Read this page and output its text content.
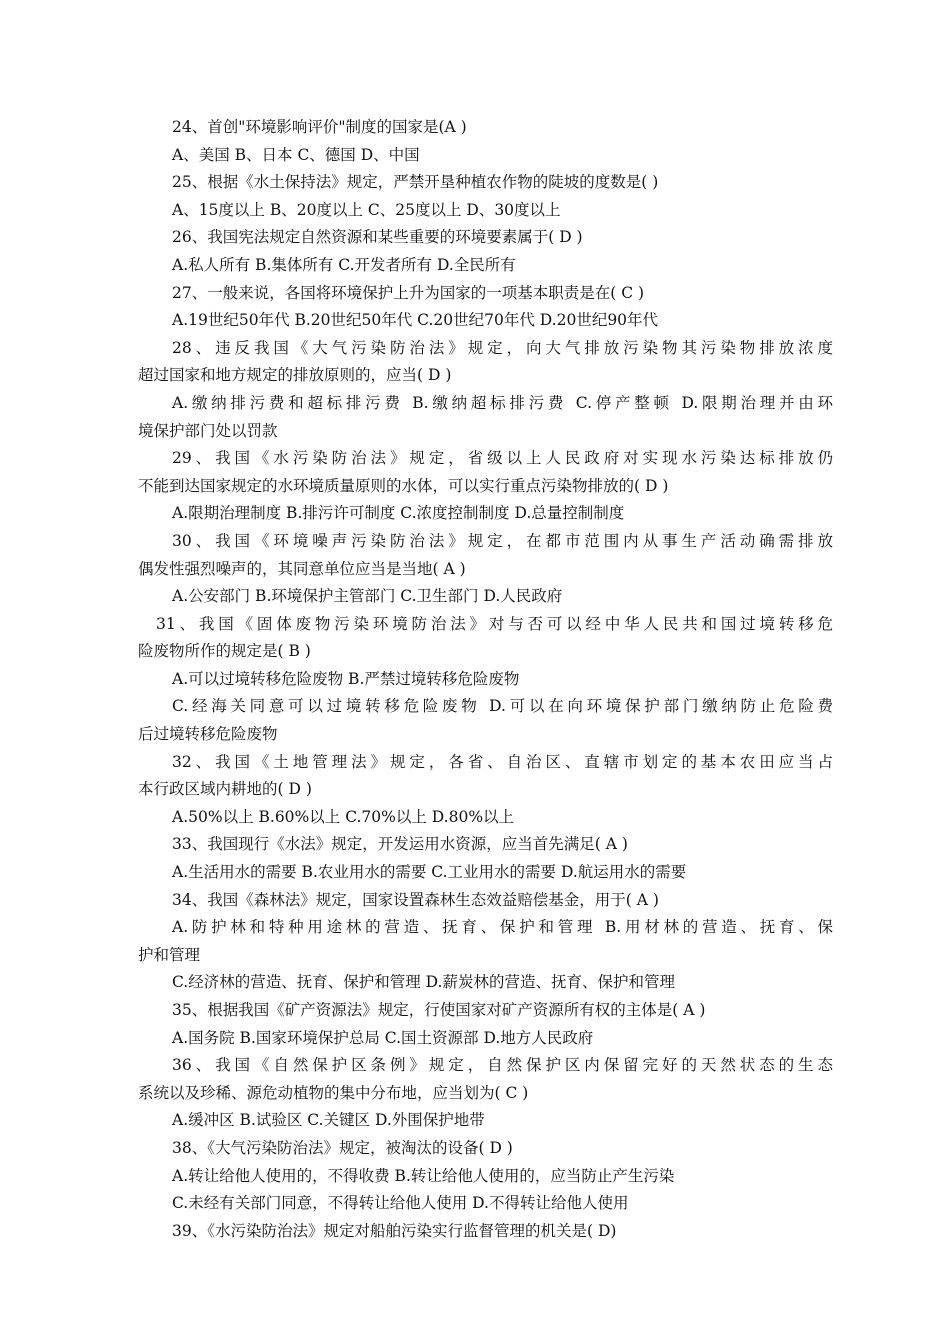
24、首创"环境影响评价"制度的国家是(A )
A、美国 B、日本 C、德国 D、中国
25、根据《水土保持法》规定，严禁开垦种植农作物的陡坡的度数是( )
A、15度以上 B、20度以上 C、25度以上 D、30度以上
26、我国宪法规定自然资源和某些重要的环境要素属于( D )
A.私人所有 B.集体所有 C.开发者所有 D.全民所有
27、一般来说，各国将环境保护上升为国家的一项基本职责是在( C )
A.19世纪50年代 B.20世纪50年代 C.20世纪70年代 D.20世纪90年代
28、违反我国《大气污染防治法》规定，向大气排放污染物其污染物排放浓度
超过国家和地方规定的排放原则的，应当( D )
A.缴纳排污费和超标排污费 B.缴纳超标排污费 C.停产整顿 D.限期治理并由环
境保护部门处以罚款
29、我国《水污染防治法》规定，省级以上人民政府对实现水污染达标排放仍
不能到达国家规定的水环境质量原则的水体，可以实行重点污染物排放的( D )
A.限期治理制度 B.排污许可制度 C.浓度控制制度 D.总量控制制度
30、我国《环境噪声污染防治法》规定，在都市范围内从事生产活动确需排放
偶发性强烈噪声的，其同意单位应当是当地( A )
A.公安部门 B.环境保护主管部门 C.卫生部门 D.人民政府
31、我国《固体废物污染环境防治法》对与否可以经中华人民共和国过境转移危
险废物所作的规定是( B )
A.可以过境转移危险废物 B.严禁过境转移危险废物
C.经海关同意可以过境转移危险废物 D.可以在向环境保护部门缴纳防止危险费
后过境转移危险废物
32、我国《土地管理法》规定，各省、自治区、直辖市划定的基本农田应当占
本行政区域内耕地的( D )
A.50%以上 B.60%以上 C.70%以上 D.80%以上
33、我国现行《水法》规定，开发运用水资源，应当首先满足( A )
A.生活用水的需要 B.农业用水的需要 C.工业用水的需要 D.航运用水的需要
34、我国《森林法》规定，国家设置森林生态效益赔偿基金，用于( A )
A.防护林和特种用途林的营造、抚育、保护和管理 B.用材林的营造、抚育、保
护和管理
C.经济林的营造、抚育、保护和管理 D.薪炭林的营造、抚育、保护和管理
35、根据我国《矿产资源法》规定，行使国家对矿产资源所有权的主体是( A )
A.国务院 B.国家环境保护总局 C.国土资源部 D.地方人民政府
36、我国《自然保护区条例》规定，自然保护区内保留完好的天然状态的生态
系统以及珍稀、源危动植物的集中分布地，应当划为( C )
A.缓冲区 B.试验区 C.关键区 D.外围保护地带
38、《大气污染防治法》规定，被淘汰的设备( D )
A.转让给他人使用的，不得收费 B.转让给他人使用的，应当防止产生污染
C.未经有关部门同意，不得转让给他人使用 D.不得转让给他人使用
39、《水污染防治法》规定对船舶污染实行监督管理的机关是( D)
